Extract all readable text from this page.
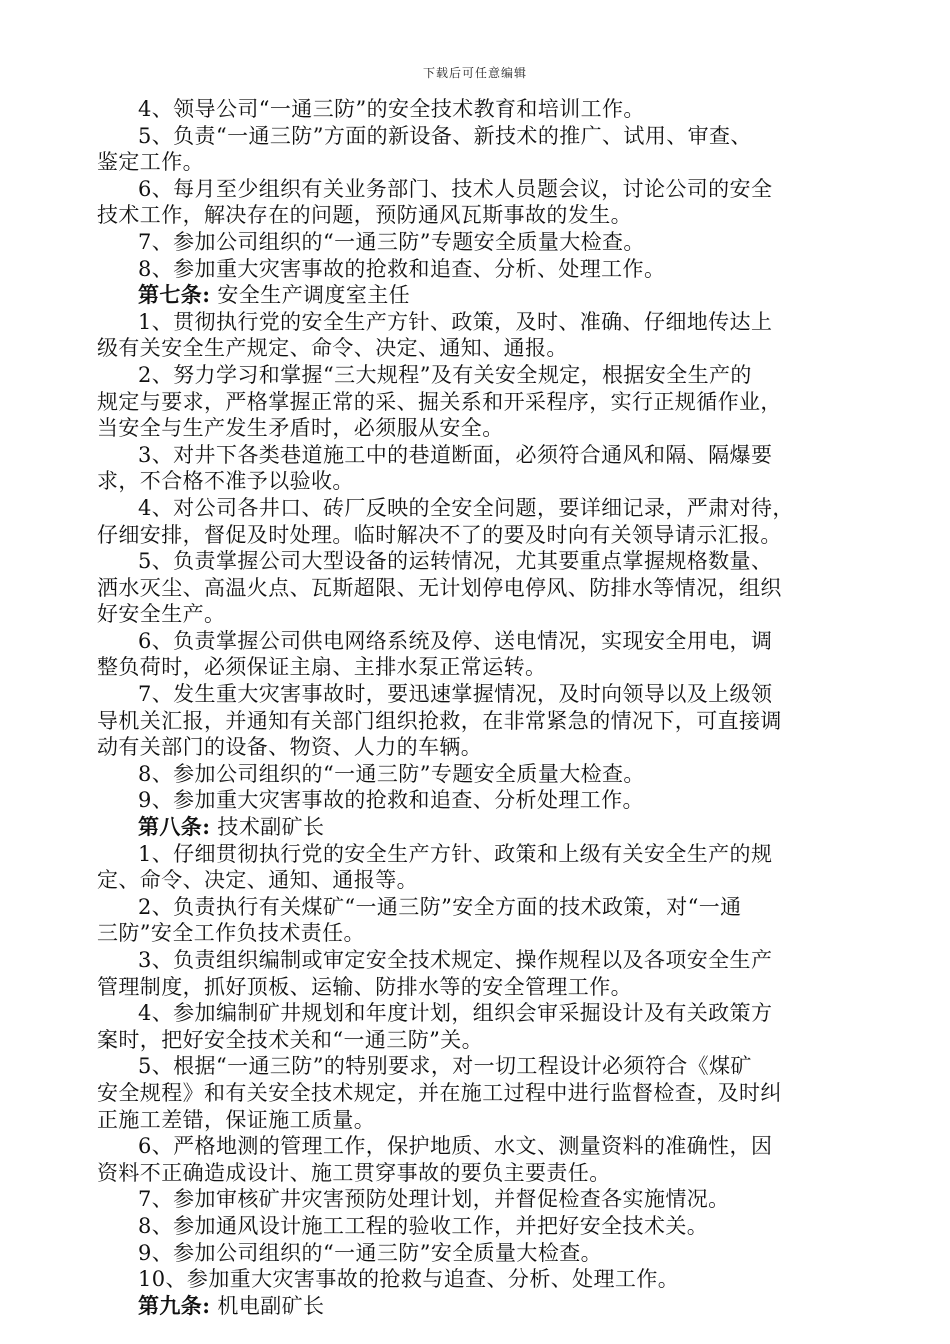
下载后可任意编辑
4、领导公司“一通三防”的安全技术教育和培训工作。
5、负责“一通三防”方面的新设备、新技术的推广、试用、审查、
鉴定工作。
6、每月至少组织有关业务部门、技术人员题会议，讨论公司的安全
技术工作，解决存在的问题，预防通风瓦斯事故的发生。
7、参加公司组织的“一通三防”专题安全质量大检查。
8、参加重大灾害事故的抢救和追查、分析、处理工作。
第七条: 安全生产调度室主任
1、贯彻执行党的安全生产方针、政策，及时、准确、仔细地传达上
级有关安全生产规定、命令、决定、通知、通报。
2、努力学习和掌握“三大规程”及有关安全规定，根据安全生产的
规定与要求，严格掌握正常的采、掘关系和开采程序，实行正规循作业，
当安全与生产发生矛盾时，必须服从安全。
3、对井下各类巷道施工中的巷道断面，必须符合通风和隔、隔爆要
求，不合格不准予以验收。
4、对公司各井口、砖厂反映的全安全问题，要详细记录，严肃对待，
仔细安排，督促及时处理。临时解决不了的要及时向有关领导请示汇报。
5、负责掌握公司大型设备的运转情况，尤其要重点掌握规格数量、
洒水灭尘、高温火点、瓦斯超限、无计划停电停风、防排水等情况，组织
好安全生产。
6、负责掌握公司供电网络系统及停、送电情况，实现安全用电，调
整负荷时，必须保证主扇、主排水泵正常运转。
7、发生重大灾害事故时，要迅速掌握情况，及时向领导以及上级领
导机关汇报，并通知有关部门组织抢救，在非常紧急的情况下，可直接调
动有关部门的设备、物资、人力的车辆。
8、参加公司组织的“一通三防”专题安全质量大检查。
9、参加重大灾害事故的抢救和追查、分析处理工作。
第八条: 技术副矿长
1、仔细贯彻执行党的安全生产方针、政策和上级有关安全生产的规
定、命令、决定、通知、通报等。
2、负责执行有关煤矿“一通三防”安全方面的技术政策，对“一通
三防”安全工作负技术责任。
3、负责组织编制或审定安全技术规定、操作规程以及各项安全生产
管理制度，抓好顶板、运输、防排水等的安全管理工作。
4、参加编制矿井规划和年度计划，组织会审采掘设计及有关政策方
案时，把好安全技术关和“一通三防”关。
5、根据“一通三防”的特别要求，对一切工程设计必须符合《煤矿
安全规程》和有关安全技术规定，并在施工过程中进行监督检查，及时纠
正施工差错，保证施工质量。
6、严格地测的管理工作，保护地质、水文、测量资料的准确性，因
资料不正确造成设计、施工贯穿事故的要负主要责任。
7、参加审核矿井灾害预防处理计划，并督促检查各实施情况。
8、参加通风设计施工工程的验收工作，并把好安全技术关。
9、参加公司组织的“一通三防”安全质量大检查。
10、参加重大灾害事故的抢救与追查、分析、处理工作。
第九条: 机电副矿长
